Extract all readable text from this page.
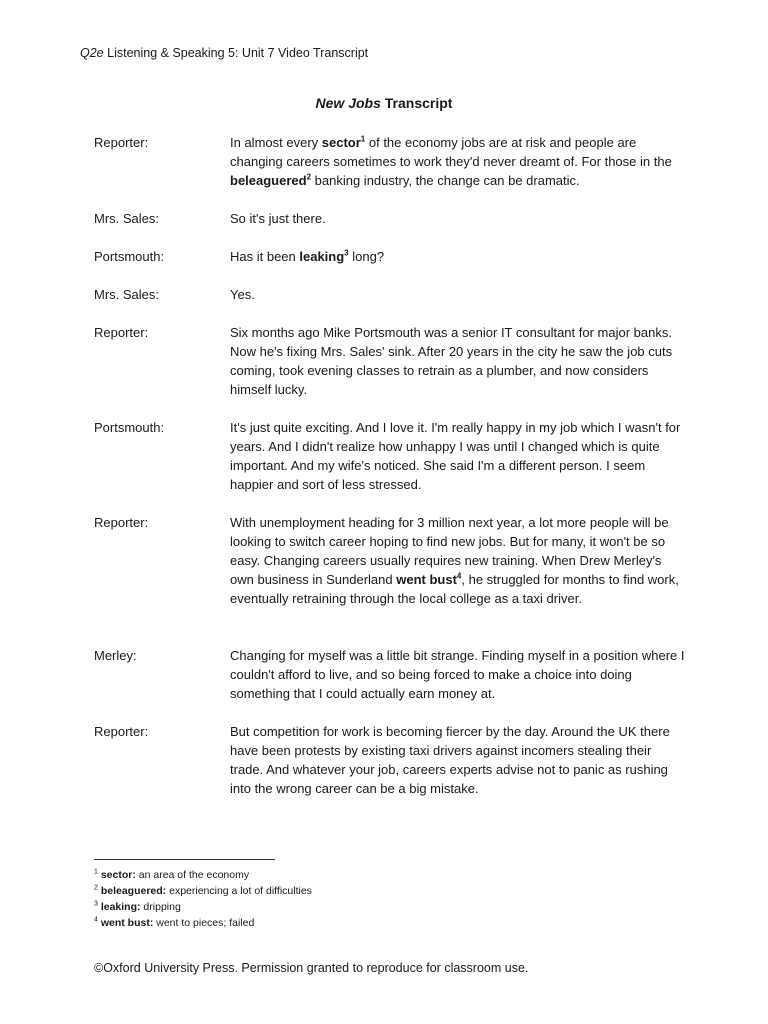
Q2e Listening & Speaking 5: Unit 7 Video Transcript
New Jobs Transcript
Reporter:	In almost every sector$^1$ of the economy jobs are at risk and people are changing careers sometimes to work they'd never dreamt of. For those in the beleaguered$^2$ banking industry, the change can be dramatic.
Mrs. Sales:	So it's just there.
Portsmouth:	Has it been leaking$^3$ long?
Mrs. Sales:	Yes.
Reporter:	Six months ago Mike Portsmouth was a senior IT consultant for major banks. Now he's fixing Mrs. Sales' sink. After 20 years in the city he saw the job cuts coming, took evening classes to retrain as a plumber, and now considers himself lucky.
Portsmouth:	It's just quite exciting. And I love it. I'm really happy in my job which I wasn't for years. And I didn't realize how unhappy I was until I changed which is quite important. And my wife's noticed. She said I'm a different person. I seem happier and sort of less stressed.
Reporter:	With unemployment heading for 3 million next year, a lot more people will be looking to switch career hoping to find new jobs. But for many, it won't be so easy. Changing careers usually requires new training. When Drew Merley's own business in Sunderland went bust$^4$, he struggled for months to find work, eventually retraining through the local college as a taxi driver.
Merley:	Changing for myself was a little bit strange. Finding myself in a position where I couldn't afford to live, and so being forced to make a choice into doing something that I could actually earn money at.
Reporter:	But competition for work is becoming fiercer by the day. Around the UK there have been protests by existing taxi drivers against incomers stealing their trade. And whatever your job, careers experts advise not to panic as rushing into the wrong career can be a big mistake.
$^1$ sector: an area of the economy
$^2$ beleaguered: experiencing a lot of difficulties
$^3$ leaking: dripping
$^4$ went bust: went to pieces; failed
©Oxford University Press. Permission granted to reproduce for classroom use.
